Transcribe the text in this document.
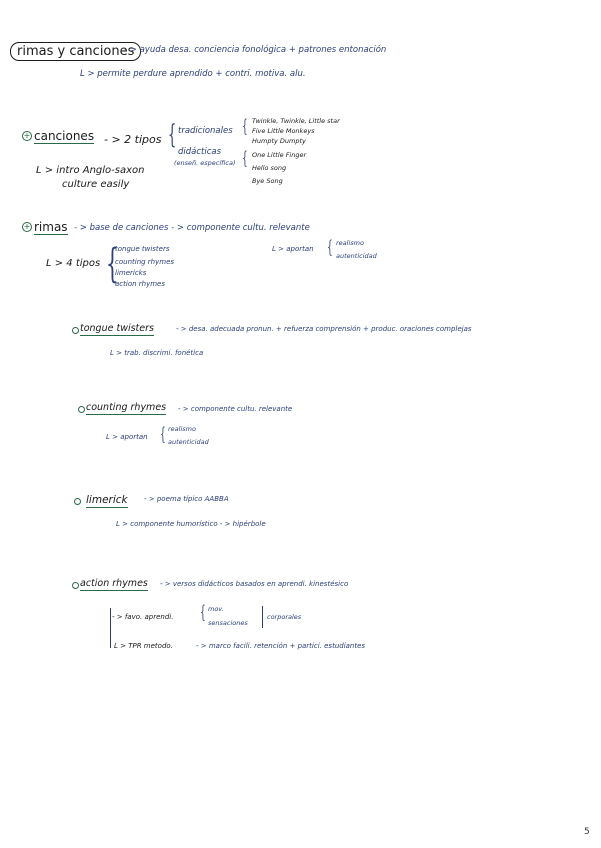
rimas y canciones
- > ayuda desa. conciencia fonológica + patrones entonación
L > permite perdure aprendido + contri. motiva. alu.
+ canciones - > 2 tipos
L > intro Anglo-saxon
culture easily
{ tradicionales { Twinkle, Twinkle, Little star
Five Little Monkeys
Humpty Dumpty
didácticas
(enseñ. específica) { One Little Finger
Hello song
Bye Song
+ rimas - > base de canciones - > componente cultu. relevante
L > 4 tipos {
tongue twisters
counting rhymes
limericks
action rhymes
L > aportan { realismo
autenticidad
tongue twisters	- > desa. adecuada pronun. + refuerza comprensión + produc. oraciones complejas
L > trab. discrimi. fonética
counting rhymes - > componente cultu. relevante
L > aportan { realismo
autenticidad
limerick - > poema típico AABBA
L > componente humorístico - > hipérbole
action rhymes - > versos didácticos basados en aprendi. kinestésico
- > favo. aprendi. { mov.
sensaciones
corporales
L > TPR metodo.	- > marco facili. retención + partici. estudiantes
5
